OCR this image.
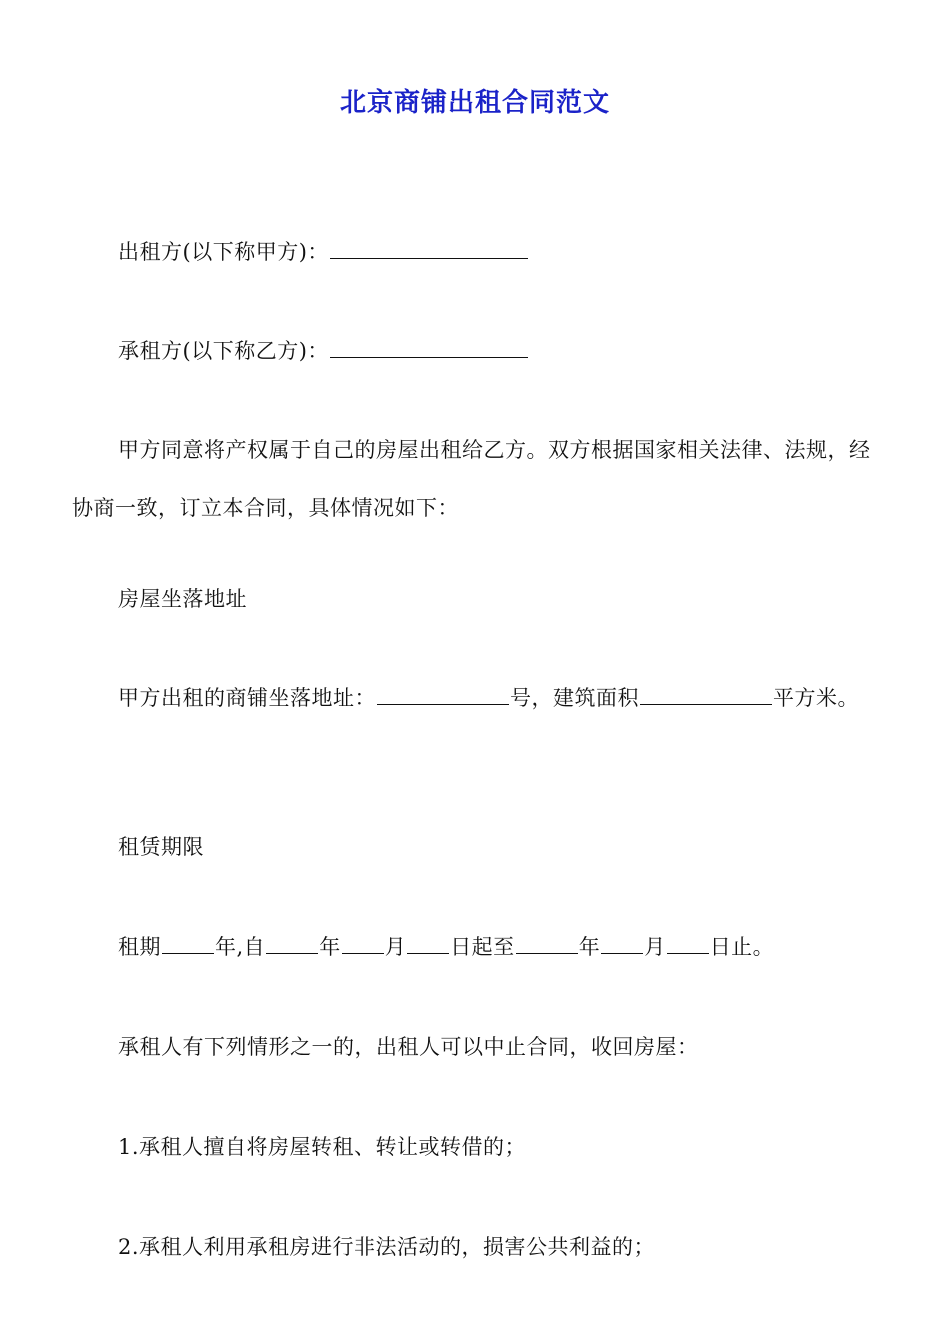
北京商铺出租合同范文
出租方(以下称甲方)：
承租方(以下称乙方)：
甲方同意将产权属于自己的房屋出租给乙方。双方根据国家相关法律、法规，经协商一致，订立本合同，具体情况如下：
房屋坐落地址
甲方出租的商铺坐落地址：	号，建筑面积	平方米。
租赁期限
租期	年,自	年 月 日起至	年 月 日止。
承租人有下列情形之一的，出租人可以中止合同，收回房屋：
1.承租人擅自将房屋转租、转让或转借的；
2.承租人利用承租房进行非法活动的，损害公共利益的；
